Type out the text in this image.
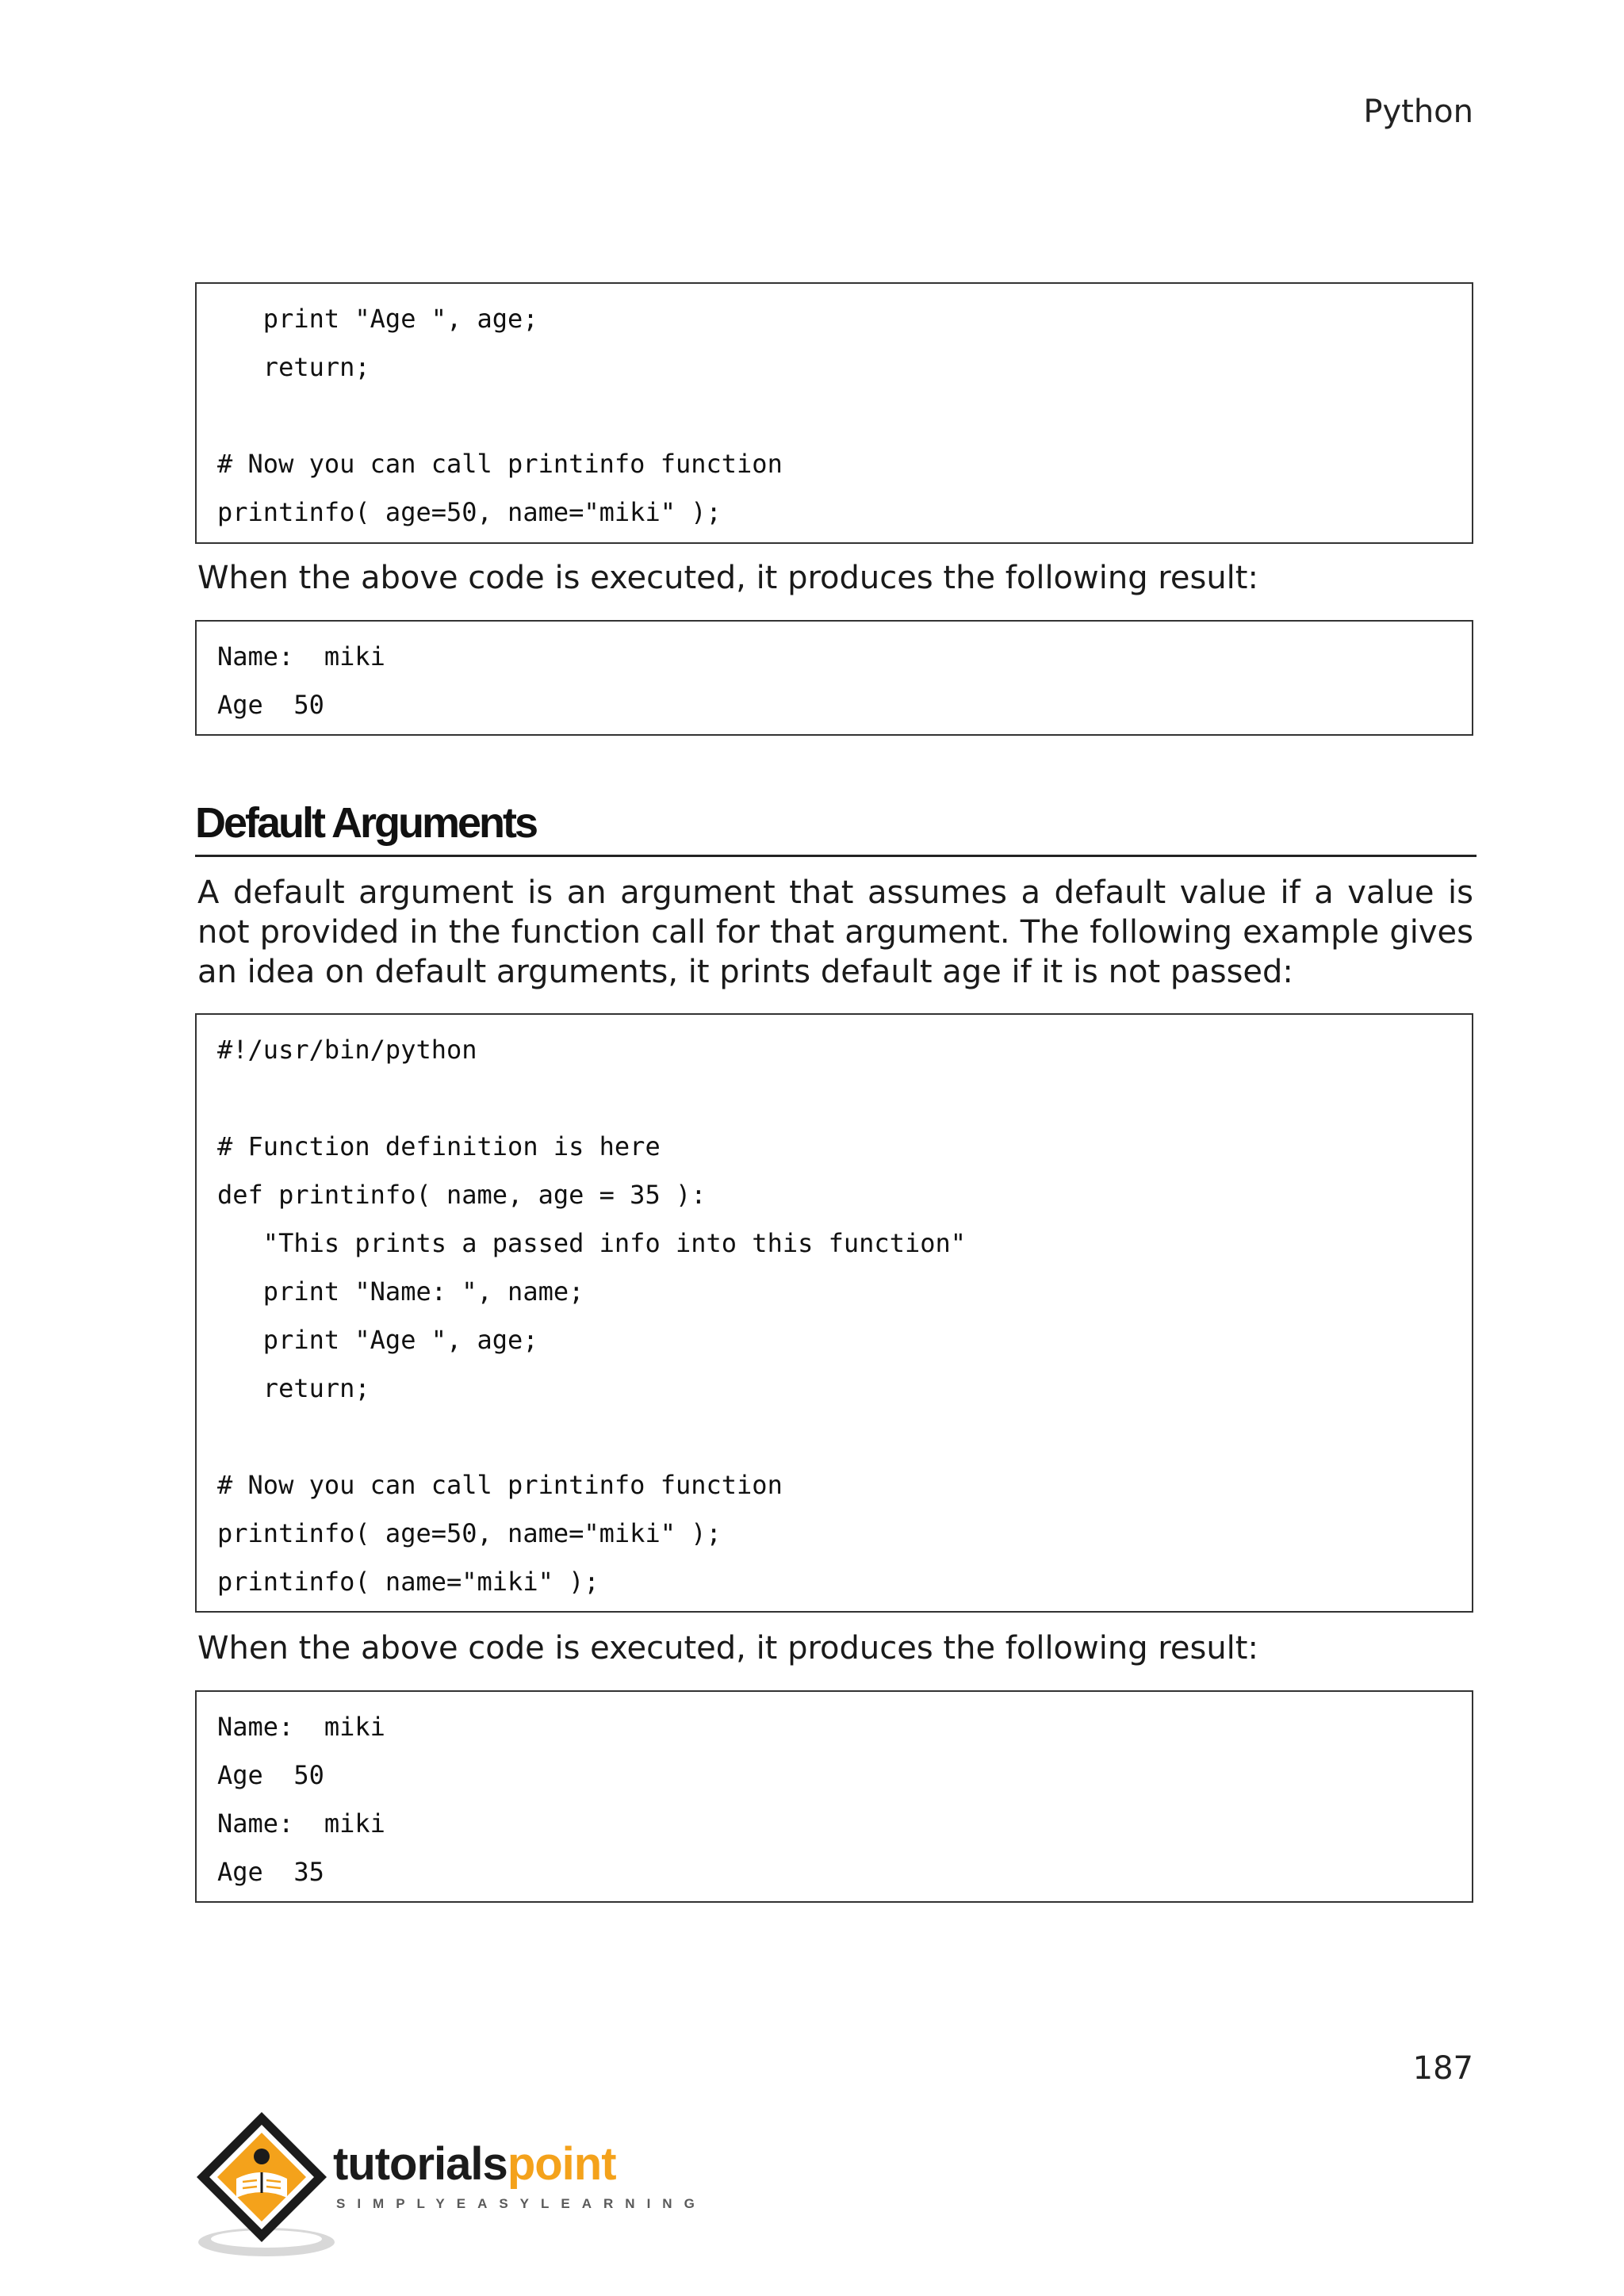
Python
print "Age ", age;
return;
# Now you can call printinfo function
printinfo( age=50, name="miki" );
When the above code is executed, it produces the following result:
Name:  miki
Age  50
Default Arguments
A default argument is an argument that assumes a default value if a value is not provided in the function call for that argument. The following example gives an idea on default arguments, it prints default age if it is not passed:
#!/usr/bin/python
# Function definition is here
def printinfo( name, age = 35 ):
"This prints a passed info into this function"
print "Name: ", name;
print "Age ", age;
return;
# Now you can call printinfo function
printinfo( age=50, name="miki" );
printinfo( name="miki" );
When the above code is executed, it produces the following result:
Name:  miki
Age  50
Name:  miki
Age  35
187
tutorialspoint
SIMPLYEASYLEARNING
